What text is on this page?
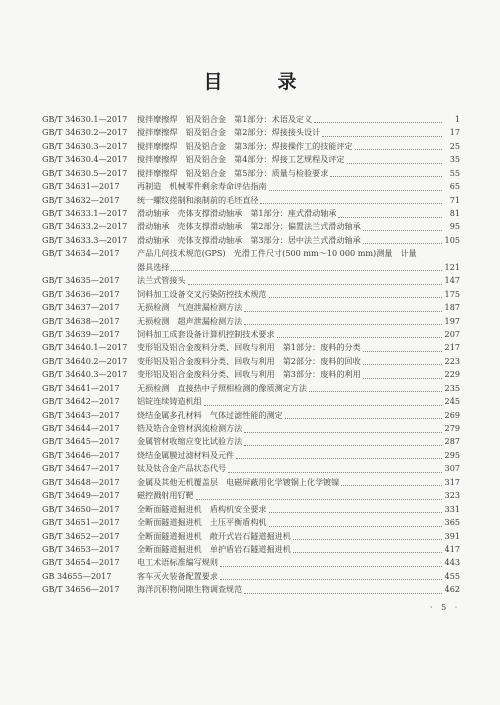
目　录
GB/T 34630.1—2017	搅拌摩擦焊　铝及铝合金　第1部分：术语及定义	1
GB/T 34630.2—2017	搅拌摩擦焊　铝及铝合金　第2部分：焊接接头设计	17
GB/T 34630.3—2017	搅拌摩擦焊　铝及铝合金　第3部分：焊接操作工的技能评定	25
GB/T 34630.4—2017	搅拌摩擦焊　铝及铝合金　第4部分：焊接工艺规程及评定	35
GB/T 34630.5—2017	搅拌摩擦焊　铝及铝合金　第5部分：质量与检验要求	55
GB/T 34631—2017	再制造　机械零件剩余寿命评估指南	65
GB/T 34632—2017	统一螺纹搓制和滚制前的毛坯直径	71
GB/T 34633.1—2017	滑动轴承　壳体支撑滑动轴承　第1部分：座式滑动轴承	81
GB/T 34633.2—2017	滑动轴承　壳体支撑滑动轴承　第2部分：偏置法兰式滑动轴承	95
GB/T 34633.3—2017	滑动轴承　壳体支撑滑动轴承　第3部分：居中法兰式滑动轴承	105
GB/T 34634—2017	产品几何技术规范(GPS)　光滑工件尺寸(500 mm～10 000 mm)测量　计量
器具选择	121
GB/T 34635—2017	法兰式管接头	147
GB/T 34636—2017	饲料加工设备交叉污染防控技术规范	175
GB/T 34637—2017	无损检测　气泡泄漏检测方法	187
GB/T 34638—2017	无损检测　超声泄漏检测方法	197
GB/T 34639—2017	饲料加工成套设备计算机控制技术要求	207
GB/T 34640.1—2017	变形铝及铝合金废料分类、回收与利用　第1部分：废料的分类	217
GB/T 34640.2—2017	变形铝及铝合金废料分类、回收与利用　第2部分：废料的回收	223
GB/T 34640.3—2017	变形铝及铝合金废料分类、回收与利用　第3部分：废料的利用	229
GB/T 34641—2017	无损检测　直接热中子照相检测的像质测定方法	235
GB/T 34642—2017	铝锭连续铸造机组	245
GB/T 34643—2017	烧结金属多孔材料　气体过滤性能的测定	269
GB/T 34644—2017	锆及锆合金管材涡流检测方法	279
GB/T 34645—2017	金属管材收缩应变比试验方法	287
GB/T 34646—2017	烧结金属膜过滤材料及元件	295
GB/T 34647—2017	钛及钛合金产品状态代号	307
GB/T 34648—2017	金属及其他无机覆盖层　电磁屏蔽用化学镀铜上化学镀镍	317
GB/T 34649—2017	磁控溅射用钌靶	323
GB/T 34650—2017	全断面隧道掘进机　盾构机安全要求	331
GB/T 34651—2017	全断面隧道掘进机　土压平衡盾构机	365
GB/T 34652—2017	全断面隧道掘进机　敞开式岩石隧道掘进机	391
GB/T 34653—2017	全断面隧道掘进机　单护盾岩石隧道掘进机	417
GB/T 34654—2017	电工术语标准编写规则	443
GB 34655—2017	客车灭火装备配置要求	455
GB/T 34656—2017	海洋沉积物间隙生物调查规范	462
· 5 ·
